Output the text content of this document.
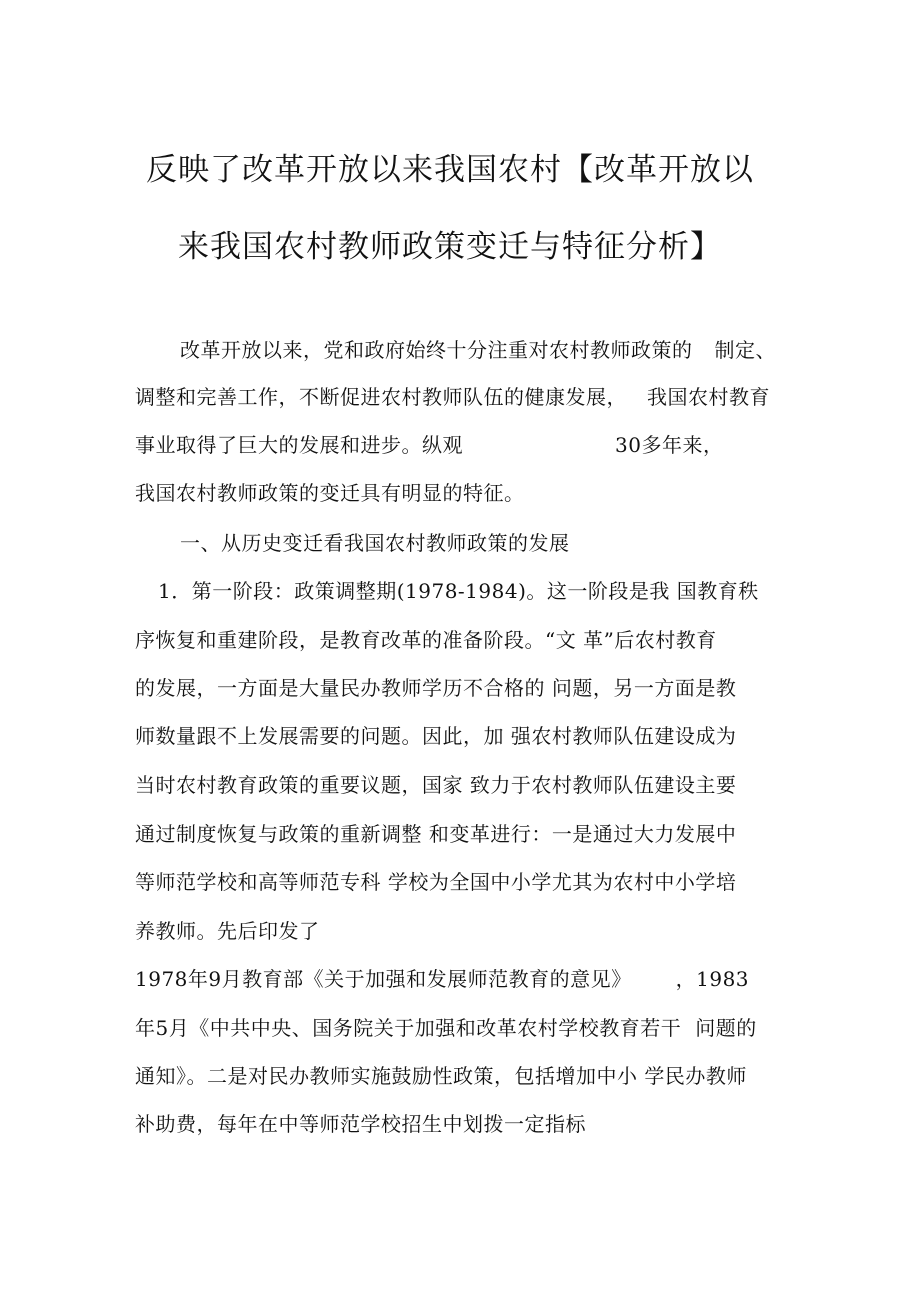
反映了改革开放以来我国农村【改革开放以
来我国农村教师政策变迁与特征分析】
改革开放以来，党和政府始终十分注重对农村教师政策的 制定、
调整和完善工作，不断促进农村教师队伍的健康发展， 我国农村教育
事业取得了巨大的发展和进步。纵观	30多年来，
我国农村教师政策的变迁具有明显的特征。
一、从历史变迁看我国农村教师政策的发展
1．第一阶段：政策调整期(1978-1984)。这一阶段是我 国教育秩
序恢复和重建阶段，是教育改革的准备阶段。“文 革”后农村教育
的发展，一方面是大量民办教师学历不合格的 问题，另一方面是教
师数量跟不上发展需要的问题。因此，加 强农村教师队伍建设成为
当时农村教育政策的重要议题，国家 致力于农村教师队伍建设主要
通过制度恢复与政策的重新调整 和变革进行：一是通过大力发展中
等师范学校和高等师范专科 学校为全国中小学尤其为农村中小学培
养教师。先后印发了
1978年9月教育部《关于加强和发展师范教育的意见》 ，1983
年5月《中共中央、国务院关于加强和改革农村学校教育若干 问题的
通知》。二是对民办教师实施鼓励性政策，包括增加中小 学民办教师
补助费，每年在中等师范学校招生中划拨一定指标
